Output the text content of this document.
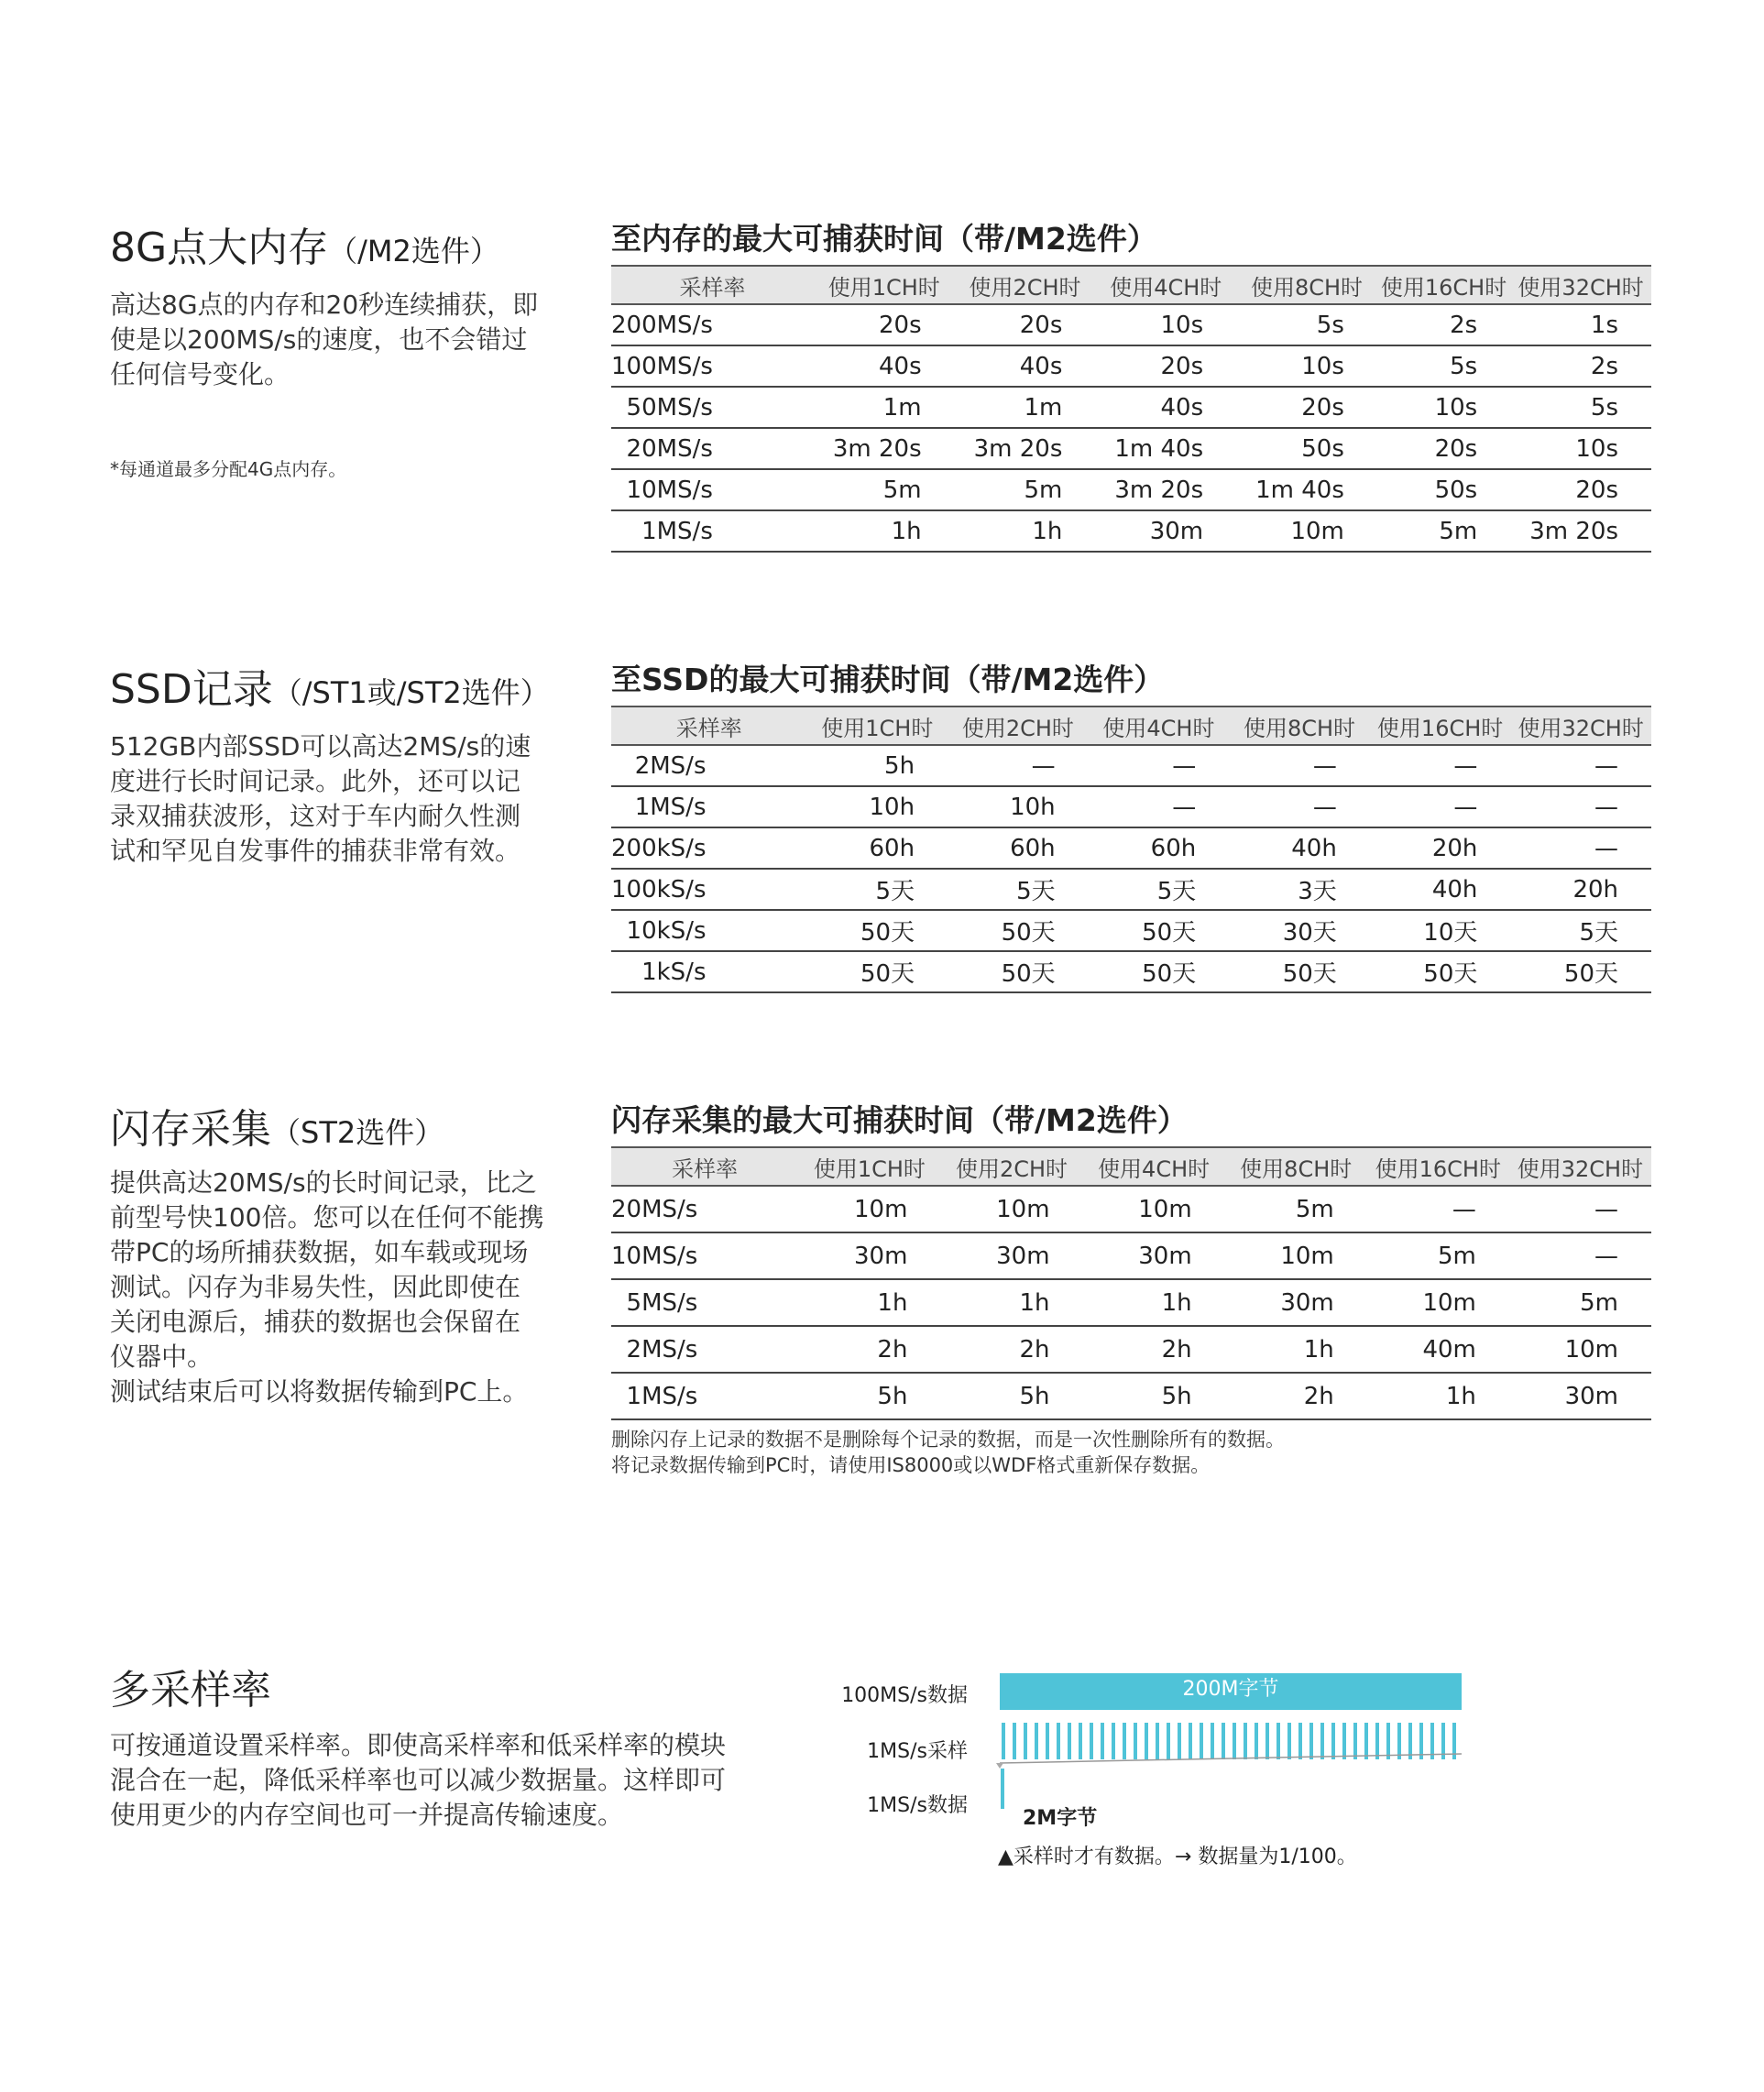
8G点大内存（/M2选件）
高达8G点的内存和20秒连续捕获，即
使是以200MS/s的速度，也不会错过
任何信号变化。
*每通道最多分配4G点内存。
至内存的最大可捕获时间（带/M2选件）
采样率	使用1CH时	使用2CH时	使用4CH时	使用8CH时	使用16CH时	使用32CH时
200MS/s	20s	20s	10s	5s	2s	1s
100MS/s	40s	40s	20s	10s	5s	2s
50MS/s	1m	1m	40s	20s	10s	5s
20MS/s	3m 20s	3m 20s	1m 40s	50s	20s	10s
10MS/s	5m	5m	3m 20s	1m 40s	50s	20s
1MS/s	1h	1h	30m	10m	5m	3m 20s
SSD记录（/ST1或/ST2选件）
512GB内部SSD可以高达2MS/s的速
度进行长时间记录。此外，还可以记
录双捕获波形，这对于车内耐久性测
试和罕见自发事件的捕获非常有效。
至SSD的最大可捕获时间（带/M2选件）
采样率	使用1CH时	使用2CH时	使用4CH时	使用8CH时	使用16CH时	使用32CH时
2MS/s	5h	—	—	—	—	—
1MS/s	10h	10h	—	—	—	—
200kS/s	60h	60h	60h	40h	20h	—
100kS/s	5天	5天	5天	3天	40h	20h
10kS/s	50天	50天	50天	30天	10天	5天
1kS/s	50天	50天	50天	50天	50天	50天
闪存采集（ST2选件）
提供高达20MS/s的长时间记录，比之
前型号快100倍。您可以在任何不能携
带PC的场所捕获数据，如车载或现场
测试。闪存为非易失性，因此即使在
关闭电源后，捕获的数据也会保留在
仪器中。
测试结束后可以将数据传输到PC上。
闪存采集的最大可捕获时间（带/M2选件）
采样率	使用1CH时	使用2CH时	使用4CH时	使用8CH时	使用16CH时	使用32CH时
20MS/s	10m	10m	10m	5m	—	—
10MS/s	30m	30m	30m	10m	5m	—
5MS/s	1h	1h	1h	30m	10m	5m
2MS/s	2h	2h	2h	1h	40m	10m
1MS/s	5h	5h	5h	2h	1h	30m
删除闪存上记录的数据不是删除每个记录的数据，而是一次性删除所有的数据。
将记录数据传输到PC时，请使用IS8000或以WDF格式重新保存数据。
多采样率
可按通道设置采样率。即使高采样率和低采样率的模块
混合在一起，降低采样率也可以减少数据量。这样即可
使用更少的内存空间也可一并提高传输速度。
100MS/s数据
1MS/s采样
1MS/s数据
200M字节
2M字节
▲采样时才有数据。→ 数据量为1/100。
